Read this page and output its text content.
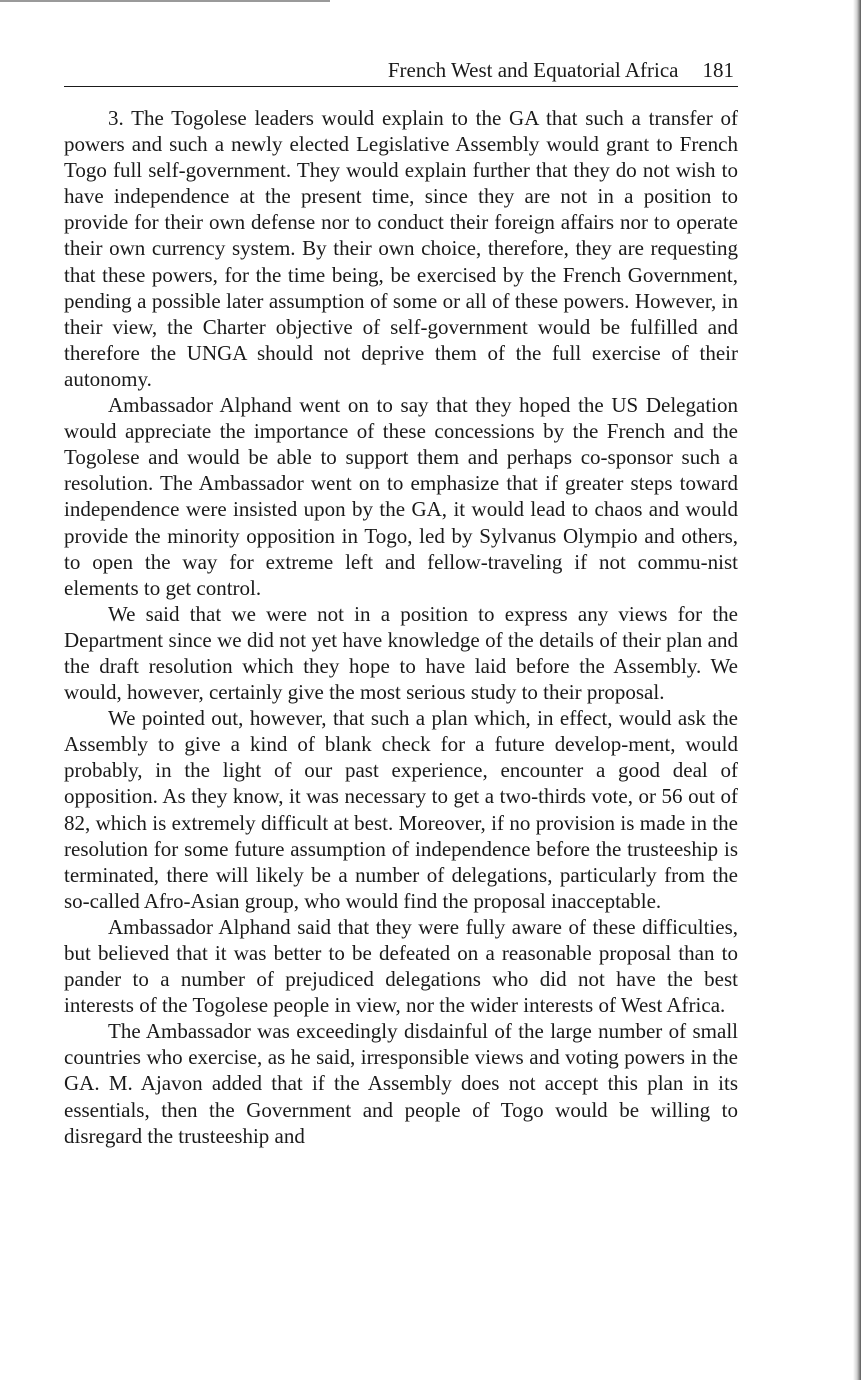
French West and Equatorial Africa 181

3. The Togolese leaders would explain to the GA that such a transfer of powers and such a newly elected Legislative Assembly would grant to French Togo full self-government. They would explain further that they do not wish to have independence at the present time, since they are not in a position to provide for their own defense nor to conduct their foreign affairs nor to operate their own currency system. By their own choice, therefore, they are requesting that these powers, for the time being, be exercised by the French Government, pending a possible later assumption of some or all of these powers. However, in their view, the Charter objective of self-government would be fulfilled and therefore the UNGA should not deprive them of the full exercise of their autonomy.

Ambassador Alphand went on to say that they hoped the US Delegation would appreciate the importance of these concessions by the French and the Togolese and would be able to support them and perhaps co-sponsor such a resolution. The Ambassador went on to emphasize that if greater steps toward independence were insisted upon by the GA, it would lead to chaos and would provide the minority opposition in Togo, led by Sylvanus Olympio and others, to open the way for extreme left and fellow-traveling if not commu-nist elements to get control.

We said that we were not in a position to express any views for the Department since we did not yet have knowledge of the details of their plan and the draft resolution which they hope to have laid before the Assembly. We would, however, certainly give the most serious study to their proposal.

We pointed out, however, that such a plan which, in effect, would ask the Assembly to give a kind of blank check for a future develop-ment, would probably, in the light of our past experience, encounter a good deal of opposition. As they know, it was necessary to get a two-thirds vote, or 56 out of 82, which is extremely difficult at best. Moreover, if no provision is made in the resolution for some future assumption of independence before the trusteeship is terminated, there will likely be a number of delegations, particularly from the so-called Afro-Asian group, who would find the proposal inacceptable.

Ambassador Alphand said that they were fully aware of these difficulties, but believed that it was better to be defeated on a reasonable proposal than to pander to a number of prejudiced delegations who did not have the best interests of the Togolese people in view, nor the wider interests of West Africa.

The Ambassador was exceedingly disdainful of the large number of small countries who exercise, as he said, irresponsible views and voting powers in the GA. M. Ajavon added that if the Assembly does not accept this plan in its essentials, then the Government and people of Togo would be willing to disregard the trusteeship and
